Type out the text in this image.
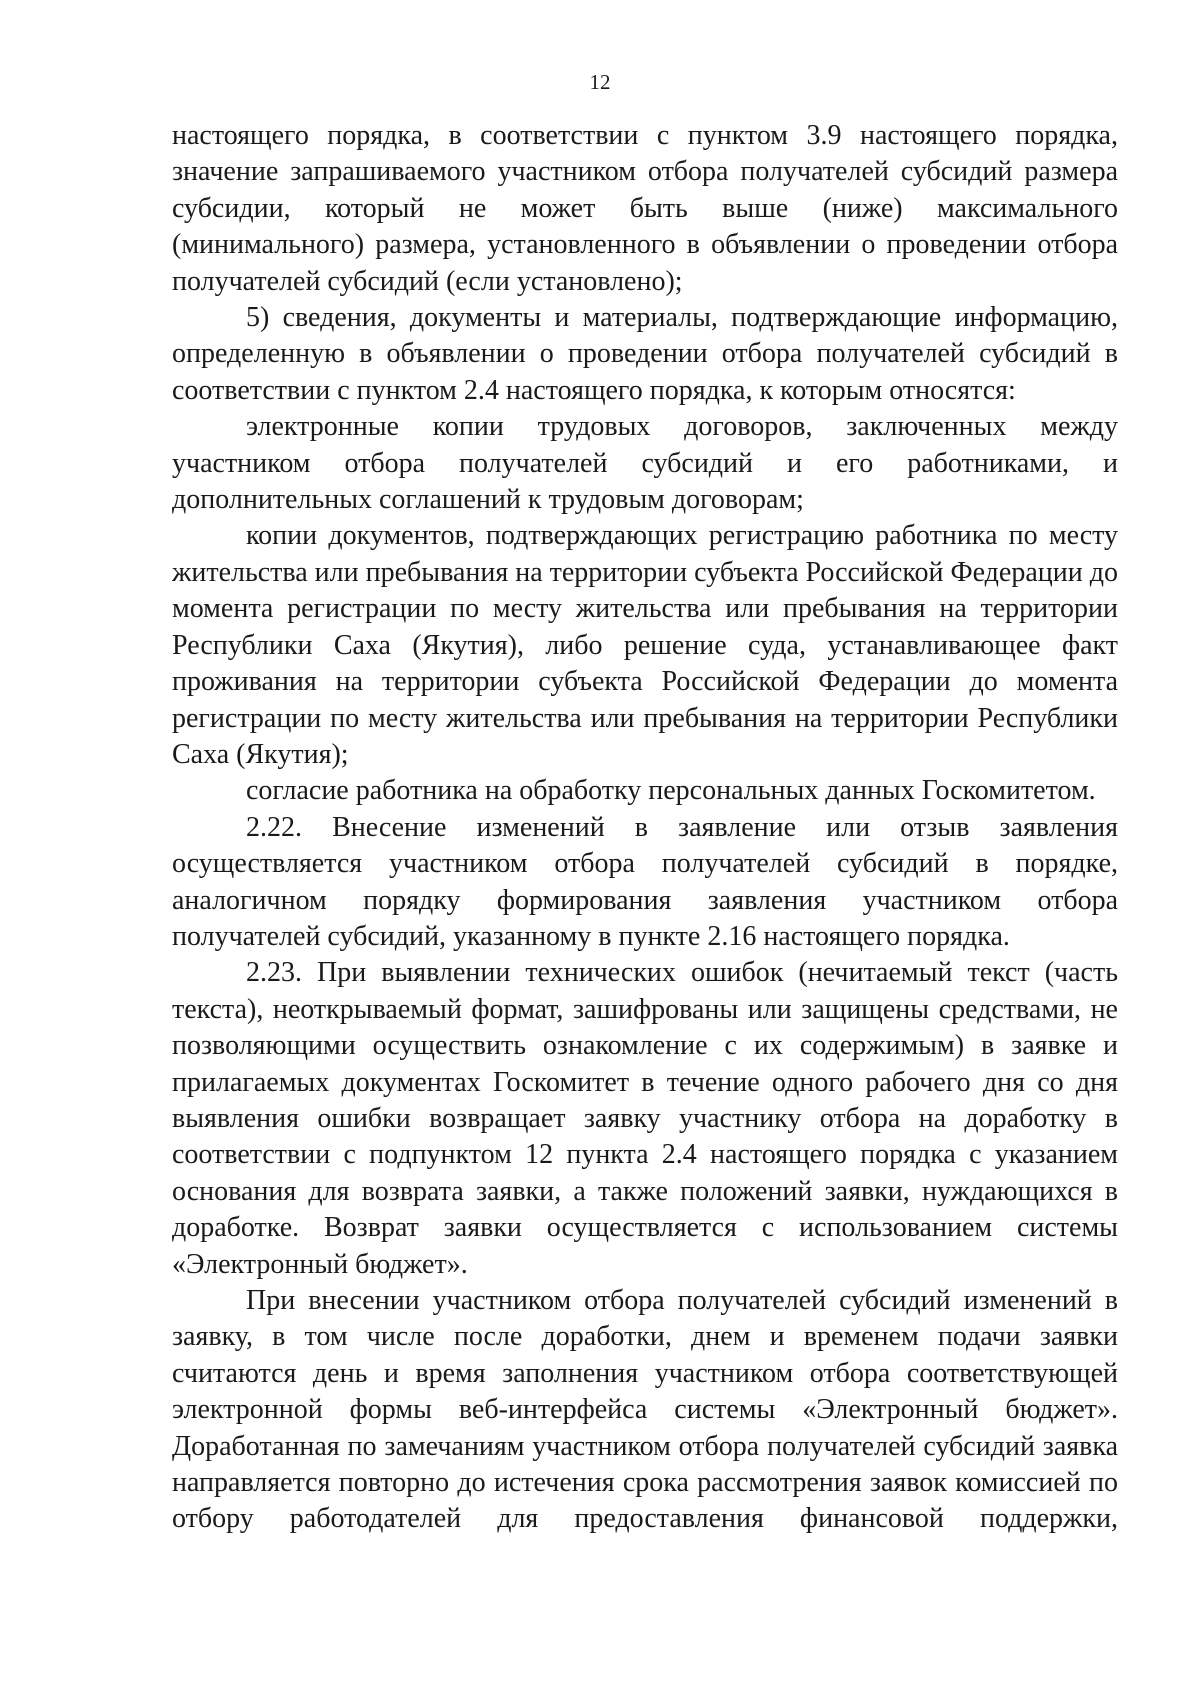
12

настоящего порядка, в соответствии с пунктом 3.9 настоящего порядка, значение запрашиваемого участником отбора получателей субсидий размера субсидии, который не может быть выше (ниже) максимального (минимального) размера, установленного в объявлении о проведении отбора получателей субсидий (если установлено);

5) сведения, документы и материалы, подтверждающие информацию, определенную в объявлении о проведении отбора получателей субсидий в соответствии с пунктом 2.4 настоящего порядка, к которым относятся:

электронные копии трудовых договоров, заключенных между участником отбора получателей субсидий и его работниками, и дополнительных соглашений к трудовым договорам;

копии документов, подтверждающих регистрацию работника по месту жительства или пребывания на территории субъекта Российской Федерации до момента регистрации по месту жительства или пребывания на территории Республики Саха (Якутия), либо решение суда, устанавливающее факт проживания на территории субъекта Российской Федерации до момента регистрации по месту жительства или пребывания на территории Республики Саха (Якутия);

согласие работника на обработку персональных данных Госкомитетом.

2.22. Внесение изменений в заявление или отзыв заявления осуществляется участником отбора получателей субсидий в порядке, аналогичном порядку формирования заявления участником отбора получателей субсидий, указанному в пункте 2.16 настоящего порядка.

2.23. При выявлении технических ошибок (нечитаемый текст (часть текста), неоткрываемый формат, зашифрованы или защищены средствами, не позволяющими осуществить ознакомление с их содержимым) в заявке и прилагаемых документах Госкомитет в течение одного рабочего дня со дня выявления ошибки возвращает заявку участнику отбора на доработку в соответствии с подпунктом 12 пункта 2.4 настоящего порядка с указанием основания для возврата заявки, а также положений заявки, нуждающихся в доработке. Возврат заявки осуществляется с использованием системы «Электронный бюджет».

При внесении участником отбора получателей субсидий изменений в заявку, в том числе после доработки, днем и временем подачи заявки считаются день и время заполнения участником отбора соответствующей электронной формы веб-интерфейса системы «Электронный бюджет». Доработанная по замечаниям участником отбора получателей субсидий заявка направляется повторно до истечения срока рассмотрения заявок комиссией по отбору работодателей для предоставления финансовой поддержки,
